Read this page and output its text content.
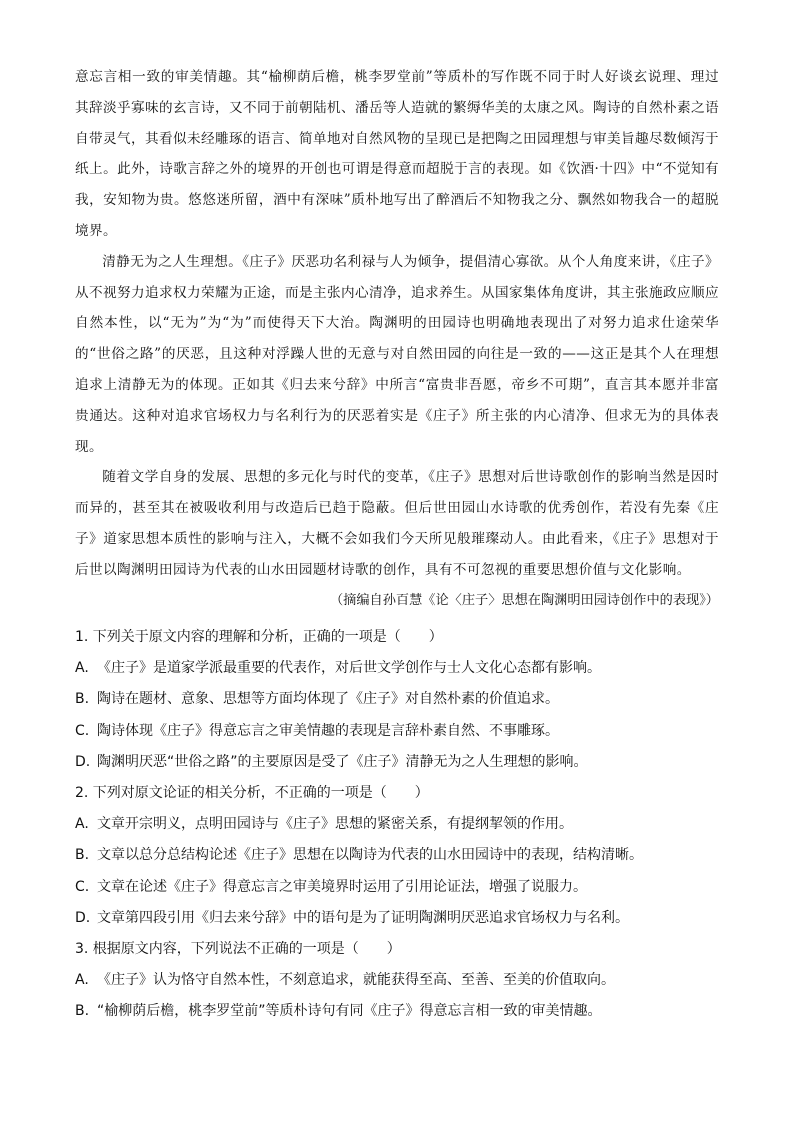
意忘言相一致的审美情趣。其“榆柳荫后檐，桃李罗堂前”等质朴的写作既不同于时人好谈玄说理、理过其辞淡乎寡味的玄言诗，又不同于前朝陆机、潘岳等人造就的繁缛华美的太康之风。陶诗的自然朴素之语自带灵气，其看似未经雕琢的语言、简单地对自然风物的呈现已是把陶之田园理想与审美旨趣尽数倾泻于纸上。此外，诗歌言辞之外的境界的开创也可谓是得意而超脱于言的表现。如《饮酒·十四》中“不觉知有我，安知物为贵。悠悠迷所留，酒中有深味”质朴地写出了醉酒后不知物我之分、飘然如物我合一的超脱境界。

清静无为之人生理想。《庄子》厌恶功名利禄与人为倾争，提倡清心寡欲。从个人角度来讲，《庄子》从不视努力追求权力荣耀为正途，而是主张内心清净，追求养生。从国家集体角度讲，其主张施政应顺应自然本性，以“无为”为“为”而使得天下大治。陶渊明的田园诗也明确地表现出了对努力追求仕途荣华的“世俗之路”的厌恶，且这种对浮躁人世的无意与对自然田园的向往是一致的——这正是其个人在理想追求上清静无为的体现。正如其《归去来兮辞》中所言“富贵非吾愿，帝乡不可期”，直言其本愿并非富贵通达。这种对追求官场权力与名利行为的厌恶着实是《庄子》所主张的内心清净、但求无为的具体表现。

随着文学自身的发展、思想的多元化与时代的变革，《庄子》思想对后世诗歌创作的影响当然是因时而异的，甚至其在被吸收利用与改造后已趋于隐蔽。但后世田园山水诗歌的优秀创作，若没有先秦《庄子》道家思想本质性的影响与注入，大概不会如我们今天所见般璀璨动人。由此看来，《庄子》思想对于后世以陶渊明田园诗为代表的山水田园题材诗歌的创作，具有不可忽视的重要思想价值与文化影响。

（摘编自孙百慧《论〈庄子〉思想在陶渊明田园诗创作中的表现》）

1. 下列关于原文内容的理解和分析，正确的一项是（　　）

A. 《庄子》是道家学派最重要的代表作，对后世文学创作与士人文化心态都有影响。

B. 陶诗在题材、意象、思想等方面均体现了《庄子》对自然朴素的价值追求。

C. 陶诗体现《庄子》得意忘言之审美情趣的表现是言辞朴素自然、不事雕琢。

D. 陶渊明厌恶“世俗之路”的主要原因是受了《庄子》清静无为之人生理想的影响。

2. 下列对原文论证的相关分析，不正确的一项是（　　）

A. 文章开宗明义，点明田园诗与《庄子》思想的紧密关系，有提纲挈领的作用。

B. 文章以总分总结构论述《庄子》思想在以陶诗为代表的山水田园诗中的表现，结构清晰。

C. 文章在论述《庄子》得意忘言之审美境界时运用了引用论证法，增强了说服力。

D. 文章第四段引用《归去来兮辞》中的语句是为了证明陶渊明厌恶追求官场权力与名利。

3. 根据原文内容，下列说法不正确的一项是（　　）

A. 《庄子》认为恪守自然本性，不刻意追求，就能获得至高、至善、至美的价值取向。

B. “榆柳荫后檐，桃李罗堂前”等质朴诗句有同《庄子》得意忘言相一致的审美情趣。
